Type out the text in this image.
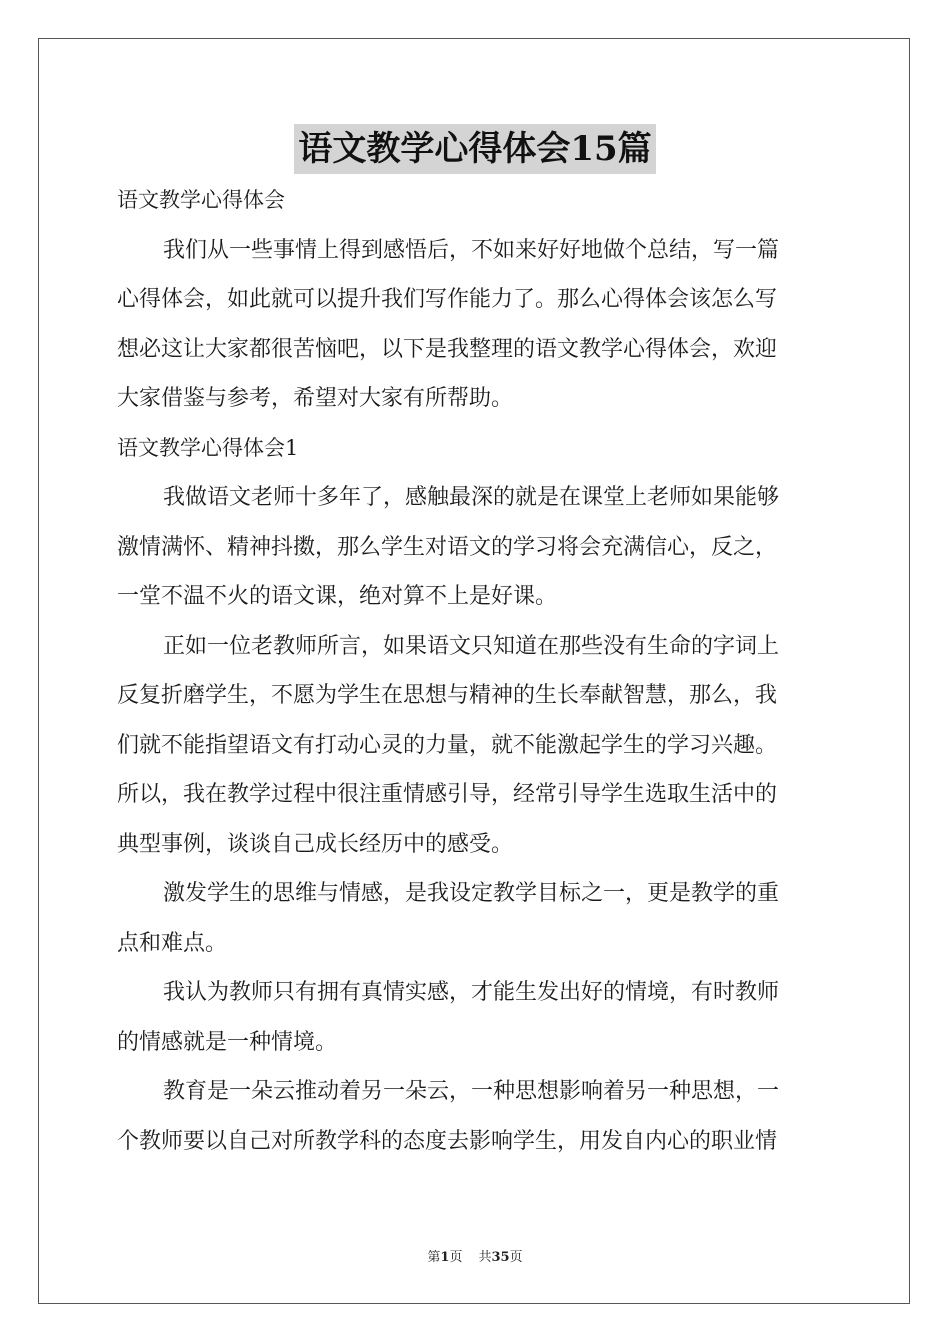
语文教学心得体会15篇
语文教学心得体会
我们从一些事情上得到感悟后，不如来好好地做个总结，写一篇
心得体会，如此就可以提升我们写作能力了。那么心得体会该怎么写
想必这让大家都很苦恼吧，以下是我整理的语文教学心得体会，欢迎
大家借鉴与参考，希望对大家有所帮助。
语文教学心得体会1
我做语文老师十多年了，感触最深的就是在课堂上老师如果能够
激情满怀、精神抖擞，那么学生对语文的学习将会充满信心，反之，
一堂不温不火的语文课，绝对算不上是好课。
正如一位老教师所言，如果语文只知道在那些没有生命的字词上
反复折磨学生，不愿为学生在思想与精神的生长奉献智慧，那么，我
们就不能指望语文有打动心灵的力量，就不能激起学生的学习兴趣。
所以，我在教学过程中很注重情感引导，经常引导学生选取生活中的
典型事例，谈谈自己成长经历中的感受。
激发学生的思维与情感，是我设定教学目标之一，更是教学的重
点和难点。
我认为教师只有拥有真情实感，才能生发出好的情境，有时教师
的情感就是一种情境。
教育是一朵云推动着另一朵云，一种思想影响着另一种思想，一
个教师要以自己对所教学科的态度去影响学生，用发自内心的职业情
第1页 共35页
